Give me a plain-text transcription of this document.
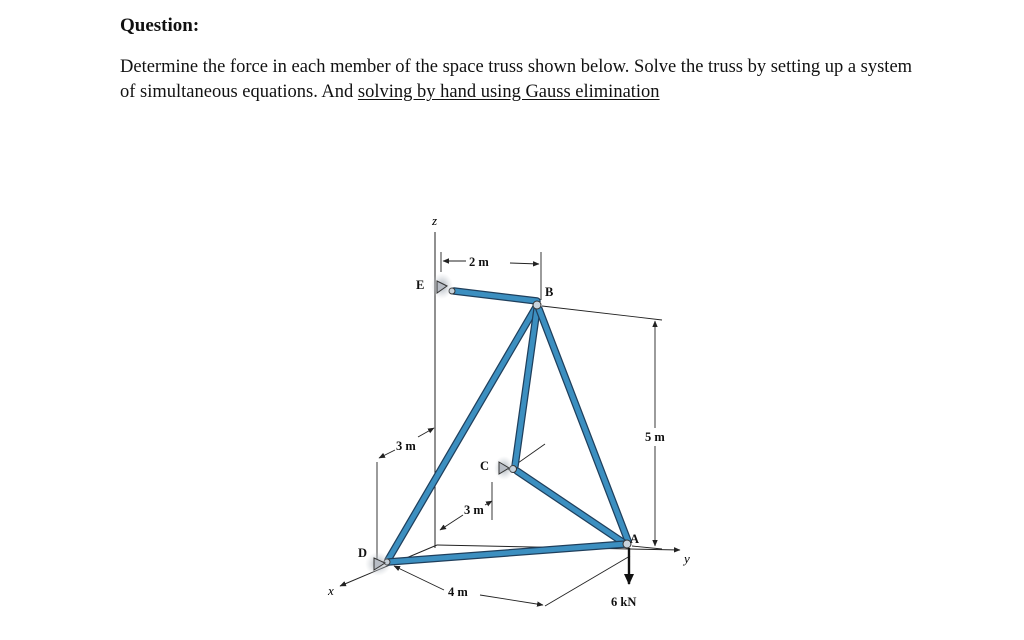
Question:

Determine the force in each member of the space truss shown below. Solve the truss by setting up a system of simultaneous equations. And solving by hand using Gauss elimination

z
x
y
E	B
C
A
D
2 m
5 m
3 m
3 m
4 m
6 kN
